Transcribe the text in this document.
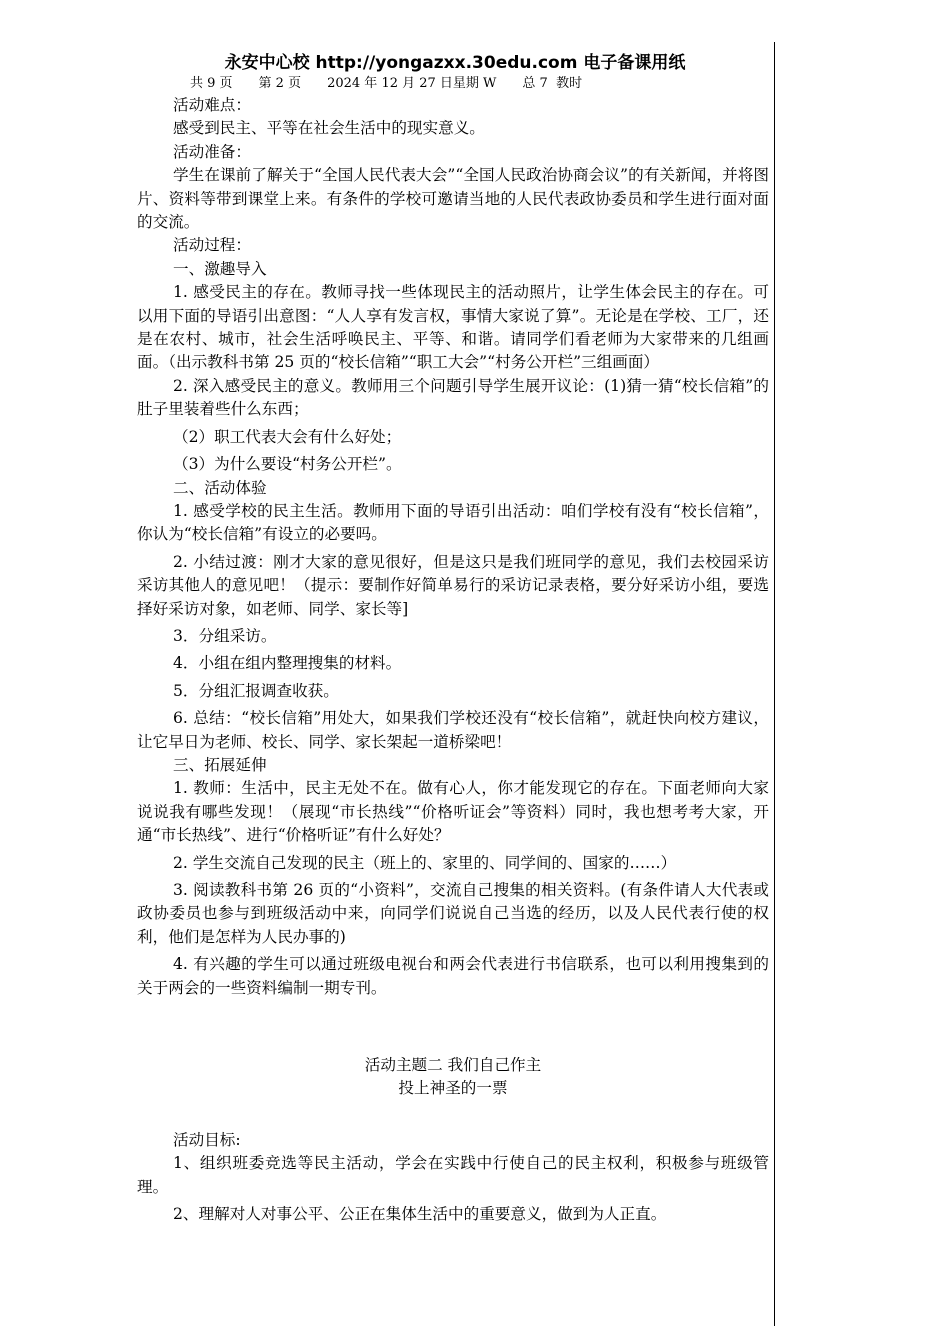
永安中心校 http://yongazxx.30edu.com 电子备课用纸
共 9 页 第 2 页 2024 年 12 月 27 日星期 W 总 7  教时

活动难点：

感受到民主、平等在社会生活中的现实意义。

活动准备：

学生在课前了解关于“全国人民代表大会”“全国人民政治协商会议”的有关新闻，并将图片、资料等带到课堂上来。有条件的学校可邀请当地的人民代表政协委员和学生进行面对面的交流。

活动过程：

一、激趣导入

1. 感受民主的存在。教师寻找一些体现民主的活动照片，让学生体会民主的存在。可以用下面的导语引出意图：“人人享有发言权，事情大家说了算”。无论是在学校、工厂，还是在农村、城市，社会生活呼唤民主、平等、和谐。请同学们看老师为大家带来的几组画面。（出示教科书第 25 页的“校长信箱”“职工大会”“村务公开栏”三组画面）

2. 深入感受民主的意义。教师用三个问题引导学生展开议论：(1)猜一猜“校长信箱”的肚子里装着些什么东西；

（2）职工代表大会有什么好处；

（3）为什么要设“村务公开栏”。

二、活动体验

1. 感受学校的民主生活。教师用下面的导语引出活动：咱们学校有没有“校长信箱”，你认为“校长信箱”有设立的必要吗。

2. 小结过渡：刚才大家的意见很好，但是这只是我们班同学的意见，我们去校园采访采访其他人的意见吧！（提示：要制作好简单易行的采访记录表格，要分好采访小组，要选择好采访对象，如老师、同学、家长等]

3．分组采访。

4．小组在组内整理搜集的材料。

5．分组汇报调查收获。

6. 总结：“校长信箱”用处大，如果我们学校还没有“校长信箱”，就赶快向校方建议，让它早日为老师、校长、同学、家长架起一道桥梁吧！

三、拓展延伸

1. 教师：生活中，民主无处不在。做有心人，你才能发现它的存在。下面老师向大家说说我有哪些发现！（展现“市长热线”“价格听证会”等资料）同时，我也想考考大家，开通“市长热线”、进行“价格听证”有什么好处？

2. 学生交流自己发现的民主（班上的、家里的、同学间的、国家的……）

3. 阅读教科书第 26 页的“小资料”，交流自己搜集的相关资料。(有条件请人大代表或政协委员也参与到班级活动中来，向同学们说说自己当选的经历，以及人民代表行使的权利，他们是怎样为人民办事的)

4. 有兴趣的学生可以通过班级电视台和两会代表进行书信联系，也可以利用搜集到的关于两会的一些资料编制一期专刊。

活动主题二 我们自己作主

投上神圣的一票

活动目标:

1、组织班委竞选等民主活动，学会在实践中行使自己的民主权利，积极参与班级管理。

2、理解对人对事公平、公正在集体生活中的重要意义，做到为人正直。
